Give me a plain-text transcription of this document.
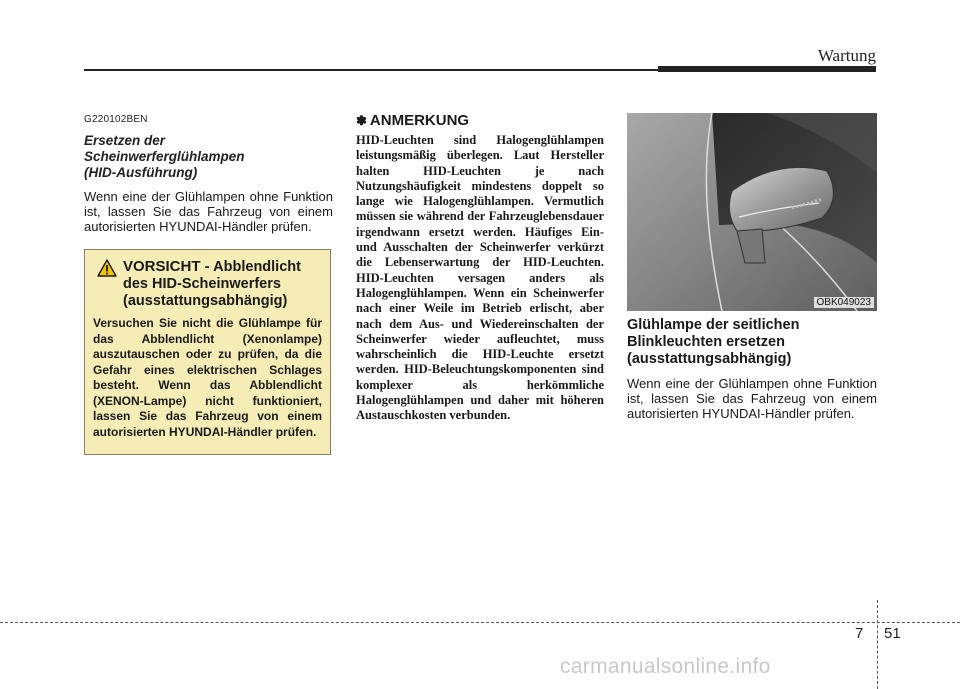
Wartung
G220102BEN
Ersetzen der
Scheinwerferglühlampen
(HID-Ausführung)

Wenn eine der Glühlampen ohne Funktion ist, lassen Sie das Fahrzeug von einem autorisierten HYUNDAI-Händler prüfen.

VORSICHT - Abblendlicht des HID-Scheinwerfers (ausstattungsabhängig)
Versuchen Sie nicht die Glühlampe für das Abblendlicht (Xenonlampe) auszutauschen oder zu prüfen, da die Gefahr eines elektrischen Schlages besteht. Wenn das Abblendlicht (XENON-Lampe) nicht funktioniert, lassen Sie das Fahrzeug von einem autorisierten HYUNDAI-Händler prüfen.
✽ ANMERKUNG

HID-Leuchten sind Halogenglühlampen leistungsmäßig überlegen. Laut Hersteller halten HID-Leuchten je nach Nutzungshäufigkeit mindestens doppelt so lange wie Halogenglühlampen. Vermutlich müssen sie während der Fahrzeuglebensdauer irgendwann ersetzt werden. Häufiges Ein- und Ausschalten der Scheinwerfer verkürzt die Lebenserwartung der HID-Leuchten. HID-Leuchten versagen anders als Halogenglühlampen. Wenn ein Scheinwerfer nach einer Weile im Betrieb erlischt, aber nach dem Aus- und Wiedereinschalten der Scheinwerfer wieder aufleuchtet, muss wahrscheinlich die HID-Leuchte ersetzt werden. HID-Beleuchtungskomponenten sind komplexer als herkömmliche Halogenglühlampen und daher mit höheren Austauschkosten verbunden.

OBK049023
Glühlampe der seitlichen
Blinkleuchten ersetzen
(ausstattungsabhängig)

Wenn eine der Glühlampen ohne Funktion ist, lassen Sie das Fahrzeug von einem autorisierten HYUNDAI-Händler prüfen.

7 51
carmanualsonline.info
